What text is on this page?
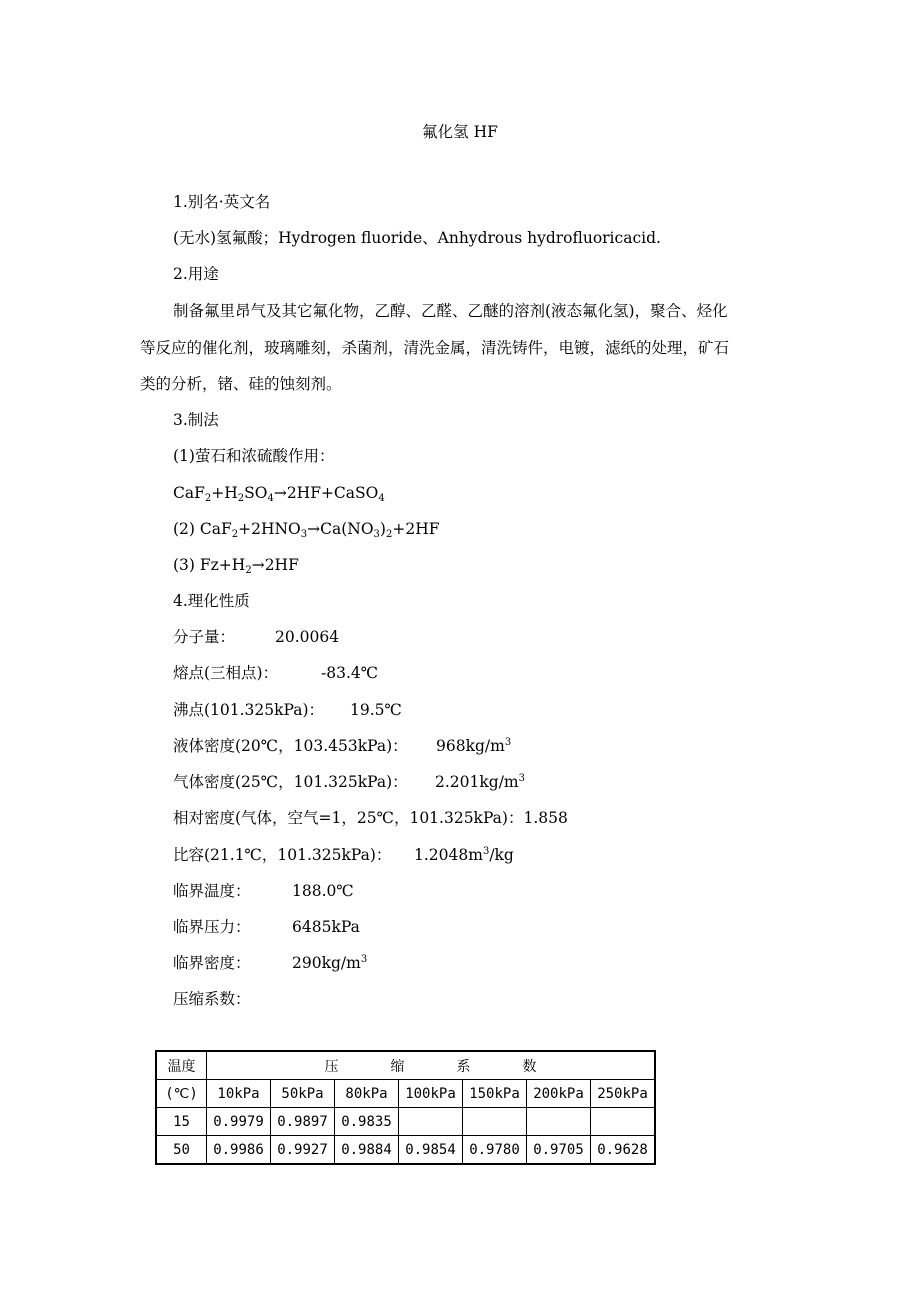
氟化氢 HF
1.别名·英文名
(无水)氢氟酸；Hydrogen fluoride、Anhydrous hydrofluoricacid.
2.用途
制备氟里昂气及其它氟化物，乙醇、乙醛、乙醚的溶剂(液态氟化氢)，聚合、烃化
等反应的催化剂，玻璃雕刻，杀菌剂，清洗金属，清洗铸件，电镀，滤纸的处理，矿石
类的分析，锗、硅的蚀刻剂。
3.制法
(1)萤石和浓硫酸作用：
$CaF_2+H_2SO_4\to 2HF+CaSO_4$
(2) $CaF_2+2HNO_3\to Ca(NO_3)_2+2HF$
(3) $Fz+H_2\to 2HF$
4.理化性质
分子量：	20.0064
熔点(三相点)：	-83.4℃
沸点(101.325kPa)： 19.5℃
液体密度(20℃，103.453kPa)： $968kg/m^3$
气体密度(25℃，101.325kPa)： $2.201kg/m^3$
相对密度(气体，空气=1，25℃，101.325kPa)：1.858
比容(21.1℃，101.325kPa)： $1.2048m^3/kg$
临界温度：	188.0℃
临界压力：	6485kPa
临界密度：	$290kg/m^3$
压缩系数：
温度	压 缩 系 数						

(℃)	10kPa	50kPa	80kPa	100kPa	150kPa	200kPa	250kPa
15	0.9979	0.9897	0.9835				
50	0.9986	0.9927	0.9884	0.9854	0.9780	0.9705	0.9628
